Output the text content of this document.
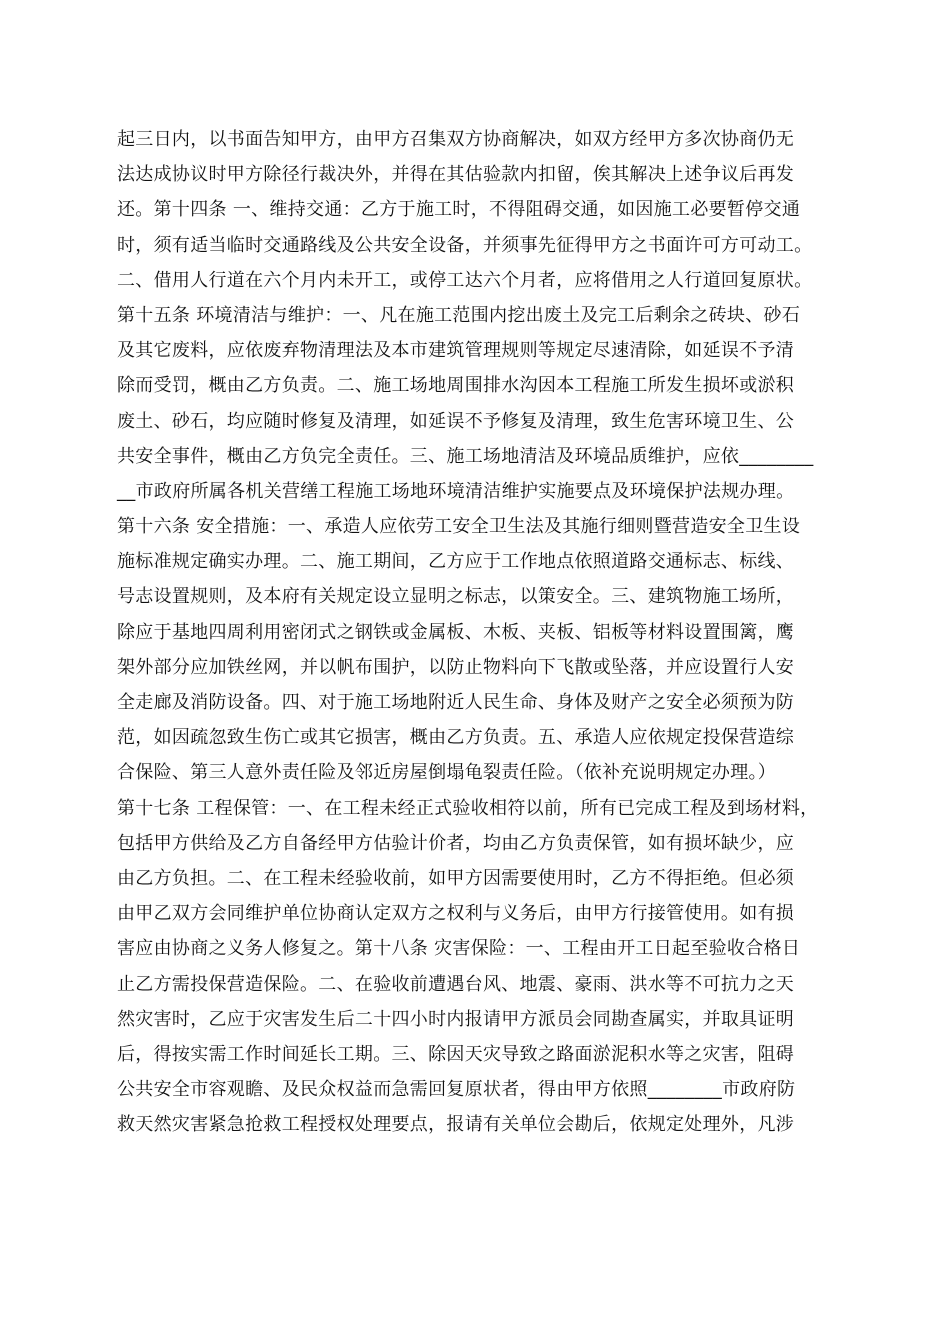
起三日内，以书面告知甲方，由甲方召集双方协商解决，如双方经甲方多次协商仍无
法达成协议时甲方除径行裁决外，并得在其估验款内扣留，俟其解决上述争议后再发
还。第十四条 一、维持交通：乙方于施工时，不得阻碍交通，如因施工必要暂停交通
时，须有适当临时交通路线及公共安全设备，并须事先征得甲方之书面许可方可动工。
二、借用人行道在六个月内未开工，或停工达六个月者，应将借用之人行道回复原状。
第十五条 环境清洁与维护：一、凡在施工范围内挖出废土及完工后剩余之砖块、砂石
及其它废料，应依废弃物清理法及本市建筑管理规则等规定尽速清除，如延误不予清
除而受罚，概由乙方负责。二、施工场地周围排水沟因本工程施工所发生损坏或淤积
废土、砂石，均应随时修复及清理，如延误不予修复及清理，致生危害环境卫生、公
共安全事件，概由乙方负完全责任。三、施工场地清洁及环境品质维护，应依________
__市政府所属各机关营缮工程施工场地环境清洁维护实施要点及环境保护法规办理。
第十六条 安全措施：一、承造人应依劳工安全卫生法及其施行细则暨营造安全卫生设
施标准规定确实办理。二、施工期间，乙方应于工作地点依照道路交通标志、标线、
号志设置规则，及本府有关规定设立显明之标志，以策安全。三、建筑物施工场所，
除应于基地四周利用密闭式之钢铁或金属板、木板、夹板、铝板等材料设置围篱，鹰
架外部分应加铁丝网，并以帆布围护，以防止物料向下飞散或坠落，并应设置行人安
全走廊及消防设备。四、对于施工场地附近人民生命、身体及财产之安全必须预为防
范，如因疏忽致生伤亡或其它损害，概由乙方负责。五、承造人应依规定投保营造综
合保险、第三人意外责任险及邻近房屋倒塌龟裂责任险。（依补充说明规定办理。）
第十七条 工程保管：一、在工程未经正式验收相符以前，所有已完成工程及到场材料，
包括甲方供给及乙方自备经甲方估验计价者，均由乙方负责保管，如有损坏缺少，应
由乙方负担。二、在工程未经验收前，如甲方因需要使用时，乙方不得拒绝。但必须
由甲乙双方会同维护单位协商认定双方之权利与义务后，由甲方行接管使用。如有损
害应由协商之义务人修复之。第十八条 灾害保险：一、工程由开工日起至验收合格日
止乙方需投保营造保险。二、在验收前遭遇台风、地震、豪雨、洪水等不可抗力之天
然灾害时，乙应于灾害发生后二十四小时内报请甲方派员会同勘查属实，并取具证明
后，得按实需工作时间延长工期。三、除因天灾导致之路面淤泥积水等之灾害，阻碍
公共安全市容观瞻、及民众权益而急需回复原状者，得由甲方依照________市政府防
救天然灾害紧急抢救工程授权处理要点，报请有关单位会勘后，依规定处理外，凡涉
